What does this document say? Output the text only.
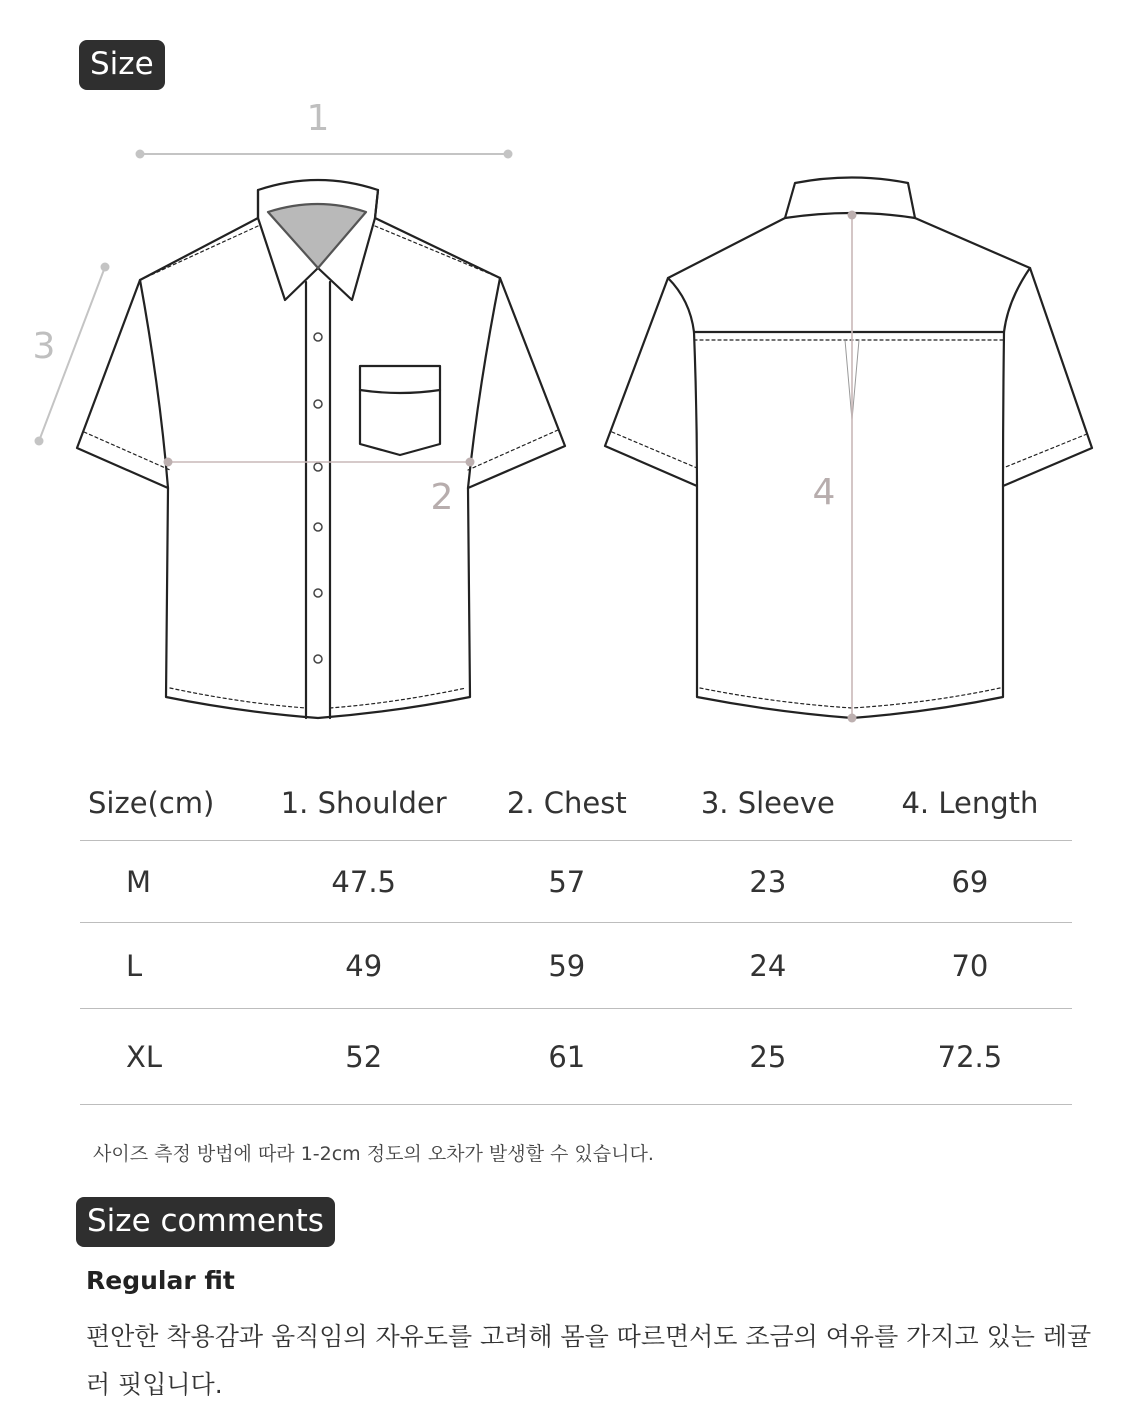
Size
1
3
2	4
Size(cm)	1. Shoulder	2. Chest	3. Sleeve	4. Length
M	47.5	57	23	69
L	49	59	24	70
XL	52	61	25	72.5
사이즈 측정 방법에 따라 1-2cm 정도의 오차가 발생할 수 있습니다.
Size comments
Regular fit
편안한 착용감과 움직임의 자유도를 고려해 몸을 따르면서도 조금의 여유를 가지고 있는 레귤러 핏입니다.
